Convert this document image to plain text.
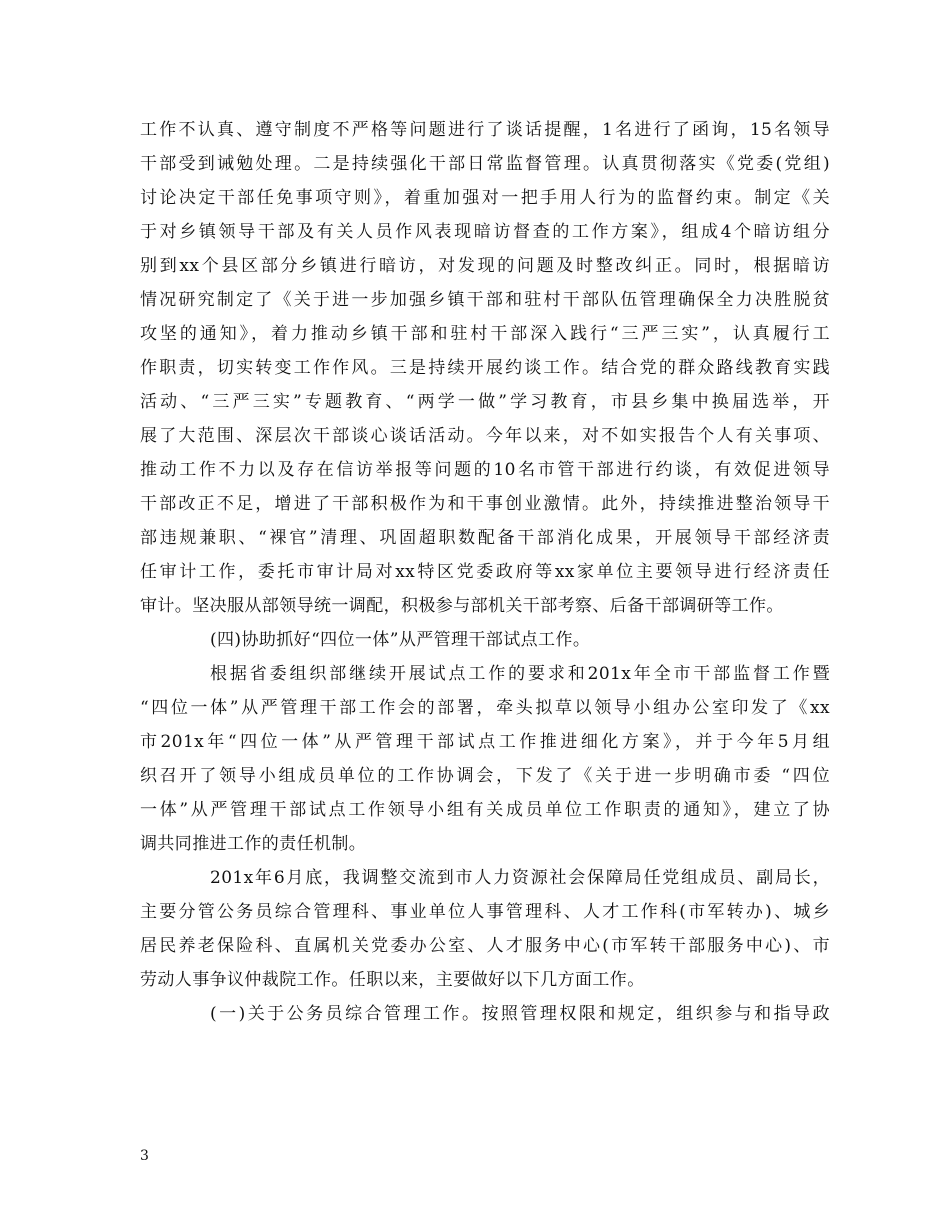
工作不认真、遵守制度不严格等问题进行了谈话提醒，1名进行了函询，15名领导
干部受到诫勉处理。二是持续强化干部日常监督管理。认真贯彻落实《党委(党组)
讨论决定干部任免事项守则》，着重加强对一把手用人行为的监督约束。制定《关
于对乡镇领导干部及有关人员作风表现暗访督查的工作方案》，组成4个暗访组分
别到xx个县区部分乡镇进行暗访，对发现的问题及时整改纠正。同时，根据暗访
情况研究制定了《关于进一步加强乡镇干部和驻村干部队伍管理确保全力决胜脱贫
攻坚的通知》，着力推动乡镇干部和驻村干部深入践行“三严三实”，认真履行工
作职责，切实转变工作作风。三是持续开展约谈工作。结合党的群众路线教育实践
活动、“三严三实”专题教育、“两学一做”学习教育，市县乡集中换届选举，开
展了大范围、深层次干部谈心谈话活动。今年以来，对不如实报告个人有关事项、
推动工作不力以及存在信访举报等问题的10名市管干部进行约谈，有效促进领导
干部改正不足，增进了干部积极作为和干事创业激情。此外，持续推进整治领导干
部违规兼职、“裸官”清理、巩固超职数配备干部消化成果，开展领导干部经济责
任审计工作，委托市审计局对xx特区党委政府等xx家单位主要领导进行经济责任
审计。坚决服从部领导统一调配，积极参与部机关干部考察、后备干部调研等工作。
(四)协助抓好“四位一体”从严管理干部试点工作。
根据省委组织部继续开展试点工作的要求和201x年全市干部监督工作暨
“四位一体”从严管理干部工作会的部署，牵头拟草以领导小组办公室印发了《xx
市201x年“四位一体”从严管理干部试点工作推进细化方案》，并于今年5月组
织召开了领导小组成员单位的工作协调会，下发了《关于进一步明确市委 “四位
一体”从严管理干部试点工作领导小组有关成员单位工作职责的通知》，建立了协
调共同推进工作的责任机制。
201x年6月底，我调整交流到市人力资源社会保障局任党组成员、副局长，
主要分管公务员综合管理科、事业单位人事管理科、人才工作科(市军转办)、城乡
居民养老保险科、直属机关党委办公室、人才服务中心(市军转干部服务中心)、市
劳动人事争议仲裁院工作。任职以来，主要做好以下几方面工作。
(一)关于公务员综合管理工作。按照管理权限和规定，组织参与和指导政
3
